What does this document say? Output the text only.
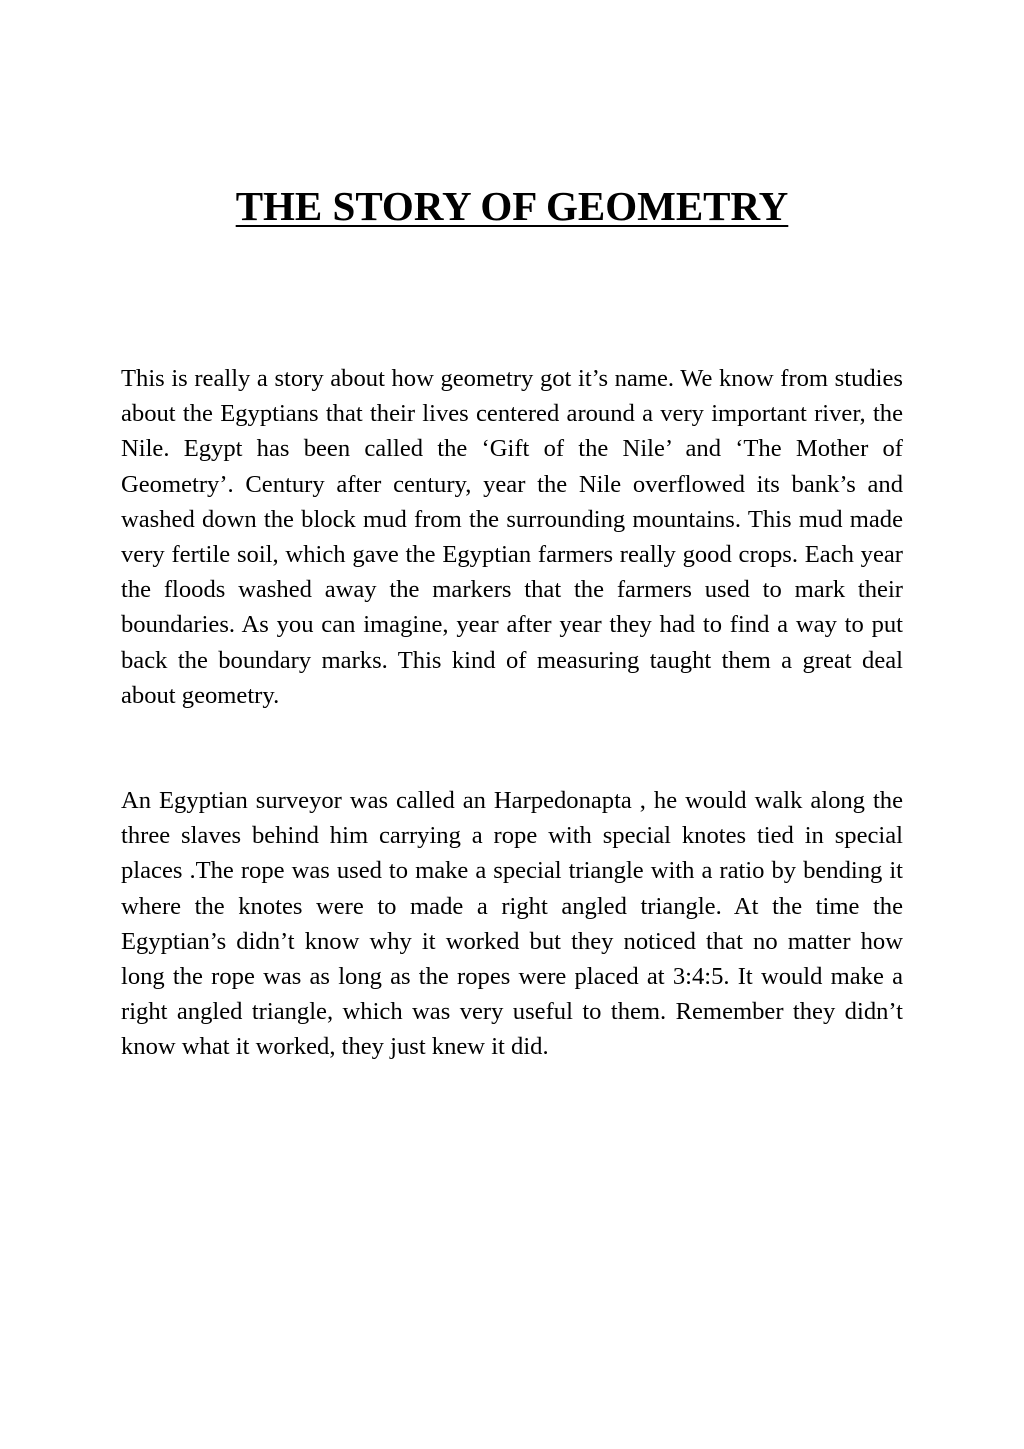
THE STORY OF GEOMETRY

This is really a story about how geometry got it’s name. We know from studies about the Egyptians that their lives centered around a very important river, the Nile. Egypt has been called the ‘Gift of the Nile’ and ‘The Mother of Geometry’. Century after century, year the Nile overflowed its bank’s and washed down the block mud from the surrounding mountains. This mud made very fertile soil, which gave the Egyptian farmers really good crops. Each year the floods washed away the markers that the farmers used to mark their boundaries. As you can imagine, year after year they had to find a way to put back the boundary marks. This kind of measuring taught them a great deal about geometry.

An Egyptian surveyor was called an Harpedonapta , he would walk along the three slaves behind him carrying a rope with special knotes tied in special places .The rope was used to make a special triangle with a ratio by bending it where the knotes were to made a right angled triangle. At the time the Egyptian’s didn’t know why it worked but they noticed that no matter how long the rope was as long as the ropes were placed at 3:4:5. It would make a right angled triangle, which was very useful to them. Remember they didn’t know what it worked, they just knew it did.
